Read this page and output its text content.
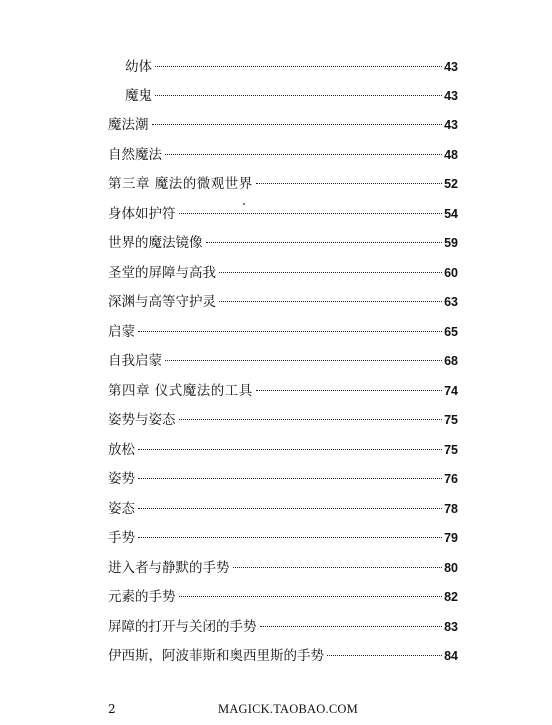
幼体	43
魔鬼	43
魔法潮	43
自然魔法	48
第三章 魔法的微观世界	52
身体如护符	54
世界的魔法镜像	59
圣堂的屏障与高我	60
深渊与高等守护灵	63
启蒙	65
自我启蒙	68
第四章 仪式魔法的工具	74
姿势与姿态	75
放松	75
姿势	76
姿态	78
手势	79
进入者与静默的手势	80
元素的手势	82
屏障的打开与关闭的手势	83
伊西斯，阿波菲斯和奥西里斯的手势	84
2	MAGICK.TAOBAO.COM
